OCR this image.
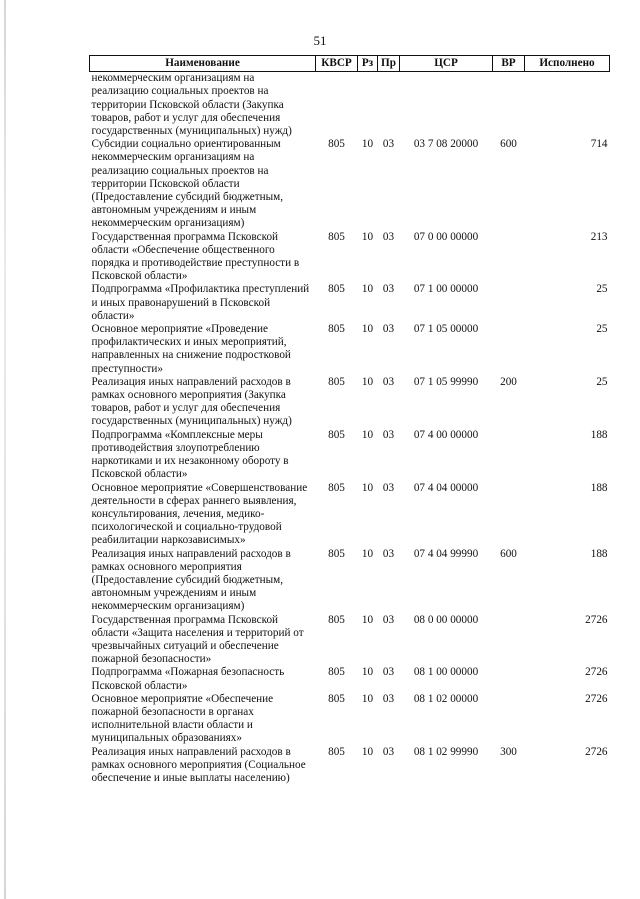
51
Наименование	КВСР	Рз	Пр	ЦСР	ВР	Исполнено
некоммерческим организациям на реализацию социальных проектов на территории Псковской области (Закупка товаров, работ и услуг для обеспечения государственных (муниципальных) нужд)						
Субсидии социально ориентированным некоммерческим организациям на реализацию социальных проектов на территории Псковской области (Предоставление субсидий бюджетным, автономным учреждениям и иным некоммерческим организациям)	805	10	03	03 7 08 20000	600	714
Государственная программа Псковской области «Обеспечение общественного порядка и противодействие преступности в Псковской области»	805	10	03	07 0 00 00000		213
Подпрограмма «Профилактика преступлений и иных правонарушений в Псковской области»	805	10	03	07 1 00 00000		25
Основное мероприятие «Проведение профилактических и иных мероприятий, направленных на снижение подростковой преступности»	805	10	03	07 1 05 00000		25
Реализация иных направлений расходов в рамках основного мероприятия (Закупка товаров, работ и услуг для обеспечения государственных (муниципальных) нужд)	805	10	03	07 1 05 99990	200	25
Подпрограмма «Комплексные меры противодействия злоупотреблению наркотиками и их незаконному обороту в Псковской области»	805	10	03	07 4 00 00000		188
Основное мероприятие «Совершенствование деятельности в сферах раннего выявления, консультирования, лечения, медико-психологической и социально-трудовой реабилитации наркозависимых»	805	10	03	07 4 04 00000		188
Реализация иных направлений расходов в рамках основного мероприятия (Предоставление субсидий бюджетным, автономным учреждениям и иным некоммерческим организациям)	805	10	03	07 4 04 99990	600	188
Государственная программа Псковской области «Защита населения и территорий от чрезвычайных ситуаций и обеспечение пожарной безопасности»	805	10	03	08 0 00 00000		2726
Подпрограмма «Пожарная безопасность Псковской области»	805	10	03	08 1 00 00000		2726
Основное мероприятие «Обеспечение пожарной безопасности в органах исполнительной власти области и муниципальных образованиях»	805	10	03	08 1 02 00000		2726
Реализация иных направлений расходов в рамках основного мероприятия (Социальное обеспечение и иные выплаты населению)	805	10	03	08 1 02 99990	300	2726
